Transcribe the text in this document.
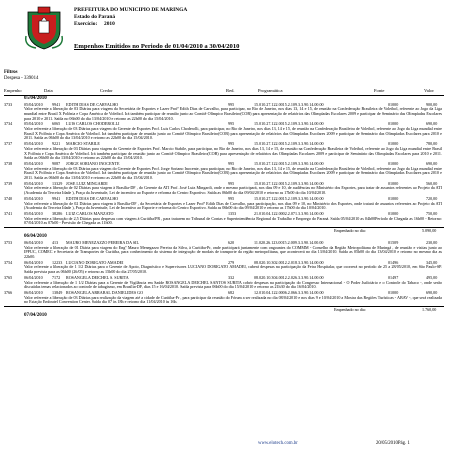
PREFEITURA DO MUNICIPIO DE MARINGA
Estado do Paraná
Exercício: 2010
Empenhos Emitidos no Periodo de 01/04/2010 a 30/04/2010
Filtros
Despesa - 339014
Empenho	Data	Credor	Red.	Programática	Fonte	Valor
05/04/2010
3733	05/04/2010 9941 EDITH DIAS DE CARVALHO	995	15.010.27.122.0015.2.109.3.3.90.14.00.00	01000	900,00
Valor referente a liberação de 03 Diárias para viagem da Secretária de Esportes e Lazer Profª Edith Dias de Carvalho, para participar, no Rio de Janeiro, nos dias 13, 14 e 15, de reunião na Confederação Brasileira de Voleibol, referente ao Jogo da Liga mundial entre Brasil X Polônia e Copa América de Voleibol. Irá também participar de reunião junto ao Comitê Olímpico Brasileiro(COB) para apresentação de relatórios das Olimpíadas Escolares 2009 e participar de Seminário das Olimpíadas Escolares para 2010 e 2011. Saída no 06h00 do dia 13/04/2010 e retorno as 22h00 do dia 15/04/2010.
3734	05/04/2010 6065 LUIS CARLOS CHODEROLLI	995	15.010.27.122.0015.2.109.3.3.90.14.00.00	01000	690,00
Valor referente a liberação de 03 Diárias para viagem do Gerente de Esportes Prof. Luis Carlos Choderolli, para participar, no Rio de Janeiro, nos dias 13, 14 e 15, de reunião na Confederação Brasileira de Voleibol, referente ao Jogo da Liga mundial entre Brasil X Polônia e Copa América de Voleibol. Irá também participar de reunião junto ao Comitê Olímpico Brasileiro(COB) para apresentação de relatórios das Olimpíadas Escolares 2009 e participar de Seminário das Olimpíadas Escolares para 2010 e 2011. Saída as 06h00 do dia 13/04/2010 e retorno as 22h00 do dia 15/04/2010.
3737	05/04/2010 9221 MARCIO STABILE	995	15.010.27.122.0015.2.109.3.3.90.14.00.00	01000	780,00
Valor referente a liberação de 03 Diárias para viagem do Gerente de Esportes Prof. Marcio Stabile, para participar, no Rio de Janeiro, nos dias 13, 14 e 15, de reunião na Confederação Brasileira de Voleibol, referente ao Jogo da Liga mundial entre Brasil X Polônia e Copa América de Voleibol. Irá também participar de reunião junto ao Comitê Olímpico Brasileiro(COB) para apresentação de relatórios das Olimpíadas Escolares 2009 e participar de Seminário das Olimpíadas Escolares para 2010 e 2011. Saída as 06h00 do dia 13/04/2010 e retorno as 22h00 do dia 15/04/2010.
3738	05/04/2010 9087 JORGE SORIANO INOCENTE	995	15.010.27.122.0015.2.109.3.3.90.14.00.00	01000	690,00
Valor referente a liberação de 03 Diárias para viagem do Gerente de Esportes Prof. Jorge Soriano Inocente, para participar, no Rio de Janeiro, nos dias 13, 14 e 15, de reunião na Confederação Brasileira de Voleibol, referente ao Jogo da Liga mundial entre Brasil X Polônia e Copa América de Voleibol. Irá também participar de reunião junto ao Comitê Olímpico Brasileiro(COB) para apresentação de relatórios das Olimpíadas Escolares 2009 e participar de Seminário das Olimpíadas Escolares para 2010 e 2011. Saída as 06h00 do dia 13/04/2010 e retorno as 22h00 do dia 15/04/2010.
3739	05/04/2010 13329 JOSE LUIZ MINGARDI	995	15.010.27.122.0015.2.109.3.3.90.14.00.00	01000	560,00
Valor referente a liberação de 02 Diárias para viagem à Brasília-DF , do Gerente da ATI Prof. José Luiz Mingardi, onde o mesmo participará, nos dias 09 e 10, de audiências no Ministério dos Esportes, para tratar de assuntos referentes ao Projeto da ATI (Academia da Terceira Idade ), Praça da Juventude, Lei de incentivo ao Esporte e reforma do Centro Esportivo. Saída as 06h00 do dia 09/04/2010 e retorno as 17h00 do dia 10/04/2010.
3740	05/04/2010 9941 EDITH DIAS DE CARVALHO	995	15.010.27.122.0015.2.109.3.3.90.14.00.00	01000	720,00
Valor referente a liberação de 02 Diárias para viagem à Brasília-DF , da Secretária de Esportes e Lazer Profª Edith Dias de Carvalho, para participação, nos dias 09 e 10, no Ministério dos Esportes, onde tratará de assuntos referentes ao Projeto da ATI (Academia da Terceira Idade ), Praça da Juventude, Lei de Incentivo ao Esporte e reforma do Centro Esportivo. Saída as 06h00 do dia 09/04/2010 e retorno as 17h00 do dia 10/04/2010.
3741	05/04/2010 38286 LUIZ CARLOS MANZATO	1353	21.010.04.122.0002.2.071.3.3.90.14.00.00	01000	750,00
Valor referente a liberação de 2,5 Diárias para despesas com viagem à Curitiba/PR , para tratarem no Tribunal de Contas e Superintendência Regional do Trabalho e Emprego do Paraná. Saída 05/04/2010 as 04h00Período de Chegada as 16h00 - Retorno: 07/04/2010 as 07h00 - Previsão de Chegada as 11h00.
Empenhado no dia:	5.090,00
06/04/2010
3753	06/04/2010 413 MAURO MENEZAZZO PEREIRA DA SIL	620	11.020.26.123.0015.2.009.3.3.90.14.00.00	01509	230,00
Valor referente a liberação de 01 Diária para viagem do Engº Mauro Menegazzo Pereira da Silva, à Curitiba-Pr, onde participará juntamente com ongoantes do COMMM - Conselho da Região Metropolitana de Maringá , de reunião e visitas junto ao IPPUC, COMEC e Secretaria de Transportes de Curitiba, para conhecimento do sistema de integração de modais de transporte da região metropolitana, que acontecerá no dia 13/04/2010. Saída as 05h00 do dia 13/04/2010 e retorno no mesmo dia as 22h00.
3754	06/04/2010 12233 LUCIANO DORIGATO AMADEI	279	08.020.10.302.0012.2.018.3.3.90.14.00.00	01496	345,00
Valor referente a liberação de 1 1/2 Diárias para o Gerente de Apoio, Diagnóstico e Supervisores LUCIANO DORIGATO AMADEI, cuberá despesas na participação da Feira Hospitalar, que ocorrerá no período de 25 a 28/05/2010, em São Paulo-SP. Saída prevista para as 06h00 (26/05) e retorno as 15h00 do dia 27/05/2010.
3765	06/04/2010 7172 ROSANGELA DEICHEL S. SURITA	332	08.020.10.304.0012.2.026.3.3.90.14.00.00	01497	495,00
Valor referente a liberação de 1 1/2 Diárias para a Gerente de Vigilância em Saúde ROSANGELA DEICHEL SANTOS SURITA cobrir despesas na participação do Congresso Internacional - O Poder Judiciário e o Controle do Tabaco -, onde serão discutidas temas relacionados ao controle de tabagismo, em Brasília-DF, dias 15 e 16/04/2010. Saída prevista para 06h00 do dia 15/04/2010 e retorno as 21h30 do dia 16/04/2010.
3766	06/04/2010 13849 ROSANGELA ARRABAL DANIELIDES GO	682	12.010.04.122.0006.2.066.3.3.90.14.00.00	01000	690,00
Valor referente a liberação de 03 Diárias para realização da viagem até a cidade de Curitiba-Pr , para participar da reunião do Fórum a ser realizada no dia 08/04/2010 e nos dias 9 e 10/04/2010 a Mostra das Regiões Turísticas - ABAV -, que será realizada no Estação Embratel Convention Center. Saída dia 07 às 18h e retorno dia 11/04/2010 às 16h.
Empenhado no dia:	1.760,00
07/04/2010
www.elotech.com.br	20/05/2010Pág. 1
